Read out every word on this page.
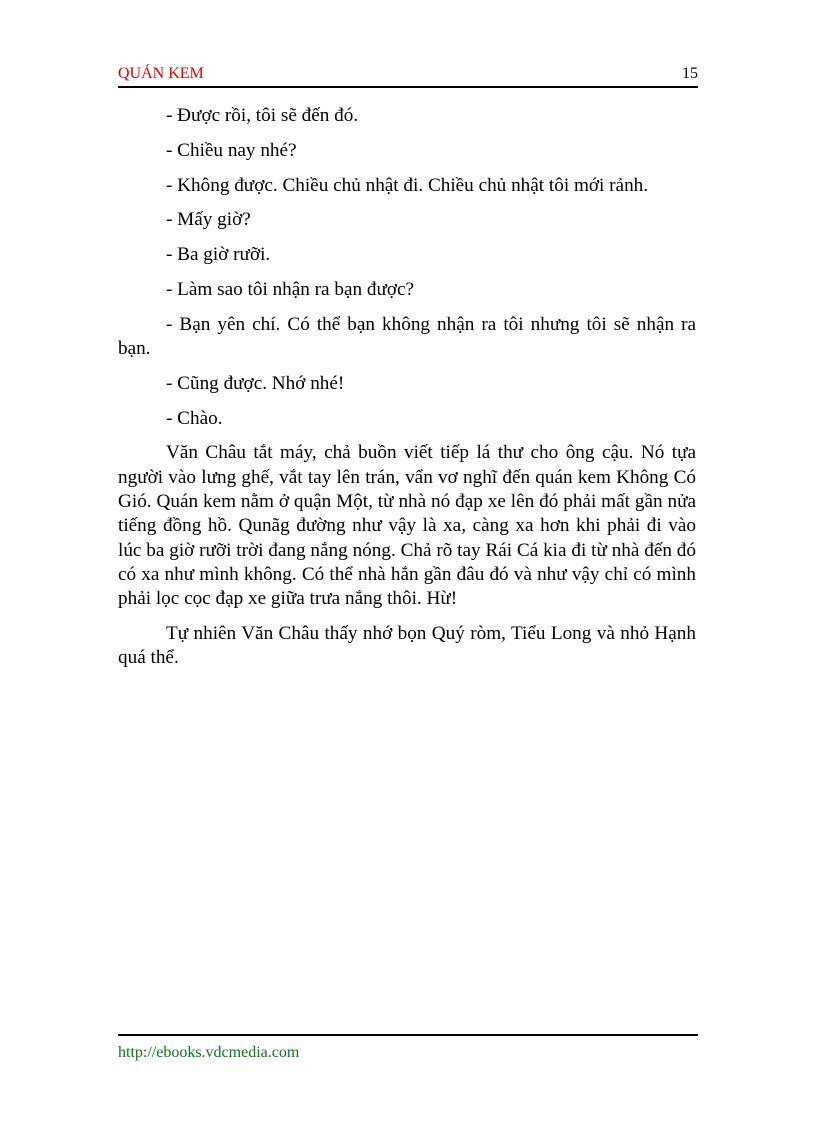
QUÁN KEM	15

- Được rồi, tôi sẽ đến đó.

- Chiều nay nhé?

- Không được. Chiều chủ nhật đi. Chiều chủ nhật tôi mới rảnh.

- Mấy giờ?

- Ba giờ rưỡi.

- Làm sao tôi nhận ra bạn được?

- Bạn yên chí. Có thể bạn không nhận ra tôi nhưng tôi sẽ nhận ra bạn.

- Cũng được. Nhớ nhé!

- Chào.

Văn Châu tắt máy, chả buồn viết tiếp lá thư cho ông cậu. Nó tựa người vào lưng ghế, vắt tay lên trán, vẩn vơ nghĩ đến quán kem Không Có Gió. Quán kem nằm ở quận Một, từ nhà nó đạp xe lên đó phải mất gần nửa tiếng đồng hồ. Qunãg đường như vậy là xa, càng xa hơn khi phải đi vào lúc ba giờ rưỡi trời đang nắng nóng. Chả rõ tay Rái Cá kia đi từ nhà đến đó có xa như mình không. Có thể nhà hắn gần đâu đó và như vậy chỉ có mình phải lọc cọc đạp xe giữa trưa nắng thôi. Hừ!

Tự nhiên Văn Châu thấy nhớ bọn Quý ròm, Tiểu Long và nhỏ Hạnh quá thể.

http://ebooks.vdcmedia.com
